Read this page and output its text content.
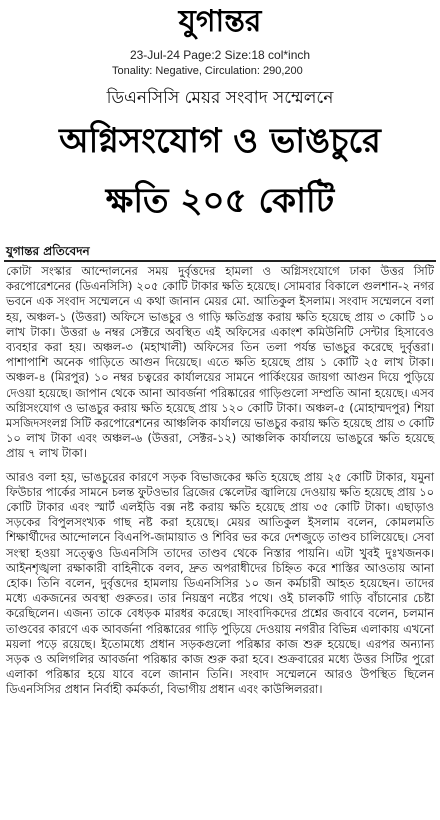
যুগান্তর
23-Jul-24 Page:2 Size:18 col*inch
Tonality: Negative, Circulation: 290,200
ডিএনসিসি মেয়র সংবাদ সম্মেলনে
অগ্নিসংযোগ ও ভাঙচুরে
ক্ষতি ২০৫ কোটি
যুগান্তর প্রতিবেদন

কোটা সংস্কার আন্দোলনের সময় দুর্বৃত্তদের হামলা ও অগ্নিসংযোগে ঢাকা উত্তর সিটি করপোরেশনের (ডিএনসিসি) ২০৫ কোটি টাকার ক্ষতি হয়েছে। সোমবার বিকালে গুলশান-২ নগর ভবনে এক সংবাদ সম্মেলনে এ কথা জানান মেয়র মো. আতিকুল ইসলাম। সংবাদ সম্মেলনে বলা হয়, অঞ্চল-১ (উত্তরা) অফিসে ভাঙচুর ও গাড়ি ক্ষতিগ্রস্ত করায় ক্ষতি হয়েছে প্রায় ৩ কোটি ১০ লাখ টাকা। উত্তরা ৬ নম্বর সেক্টরে অবস্থিত এই অফিসের একাংশ কমিউনিটি সেন্টার হিসাবেও ব্যবহার করা হয়। অঞ্চল-৩ (মহাখালী) অফিসের তিন তলা পর্যন্ত ভাঙচুর করেছে দুর্বৃত্তরা। পাশাপাশি অনেক গাড়িতে আগুন দিয়েছে। এতে ক্ষতি হয়েছে প্রায় ১ কোটি ২৫ লাখ টাকা। অঞ্চল-৪ (মিরপুর) ১০ নম্বর চত্বরের কার্যালয়ের সামনে পার্কিংয়ের জায়গা আগুন দিয়ে পুড়িয়ে দেওয়া হয়েছে। জাপান থেকে আনা আবর্জনা পরিষ্কারের গাড়িগুলো সম্প্রতি আনা হয়েছে। এসব অগ্নিসংযোগ ও ভাঙচুর করায় ক্ষতি হয়েছে প্রায় ১২০ কোটি টাকা। অঞ্চল-৫ (মোহাম্মদপুর) শিয়া মসজিদসংলগ্ন সিটি করপোরেশনের আঞ্চলিক কার্যালয়ে ভাঙচুর করায় ক্ষতি হয়েছে প্রায় ৩ কোটি ১০ লাখ টাকা এবং অঞ্চল-৬ (উত্তরা, সেক্টর-১২) আঞ্চলিক কার্যালয়ে ভাঙচুরে ক্ষতি হয়েছে প্রায় ৭ লাখ টাকা।

আরও বলা হয়, ভাঙচুরের কারণে সড়ক বিভাজকের ক্ষতি হয়েছে প্রায় ২৫ কোটি টাকার, যমুনা ফিউচার পার্কের সামনে চলন্ত ফুটওভার ব্রিজের স্কেলেটর জ্বালিয়ে দেওয়ায় ক্ষতি হয়েছে প্রায় ১০ কোটি টাকার এবং স্মার্ট এলইডি বক্স নষ্ট করায় ক্ষতি হয়েছে প্রায় ৩৫ কোটি টাকা। এছাড়াও সড়কের বিপুলসংখ্যক গাছ নষ্ট করা হয়েছে। মেয়র আতিকুল ইসলাম বলেন, কোমলমতি শিক্ষার্থীদের আন্দোলনে বিএনপি-জামায়াত ও শিবির ভর করে দেশজুড়ে তাণ্ডব চালিয়েছে। সেবা সংস্থা হওয়া সত্ত্বেও ডিএনসিসি তাদের তাণ্ডব থেকে নিস্তার পায়নি। এটা খুবই দুঃখজনক। আইনশৃঙ্খলা রক্ষাকারী বাহিনীকে বলব, দ্রুত অপরাধীদের চিহ্নিত করে শাস্তির আওতায় আনা হোক। তিনি বলেন, দুর্বৃত্তদের হামলায় ডিএনসিসির ১০ জন কর্মচারী আহত হয়েছেন। তাদের মধ্যে একজনের অবস্থা গুরুতর। তার নিয়ন্ত্রণ নষ্টের পথে। ওই চালকটি গাড়ি বাঁচানোর চেষ্টা করেছিলেন। এজন্য তাকে বেধড়ক মারধর করেছে। সাংবাদিকদের প্রশ্নের জবাবে বলেন, চলমান তাণ্ডবের কারণে এক আবর্জনা পরিষ্কারের গাড়ি পুড়িয়ে দেওয়ায় নগরীর বিভিন্ন এলাকায় এখনো ময়লা পড়ে রয়েছে। ইতোমধ্যে প্রধান সড়কগুলো পরিষ্কার কাজ শুরু হয়েছে। এরপর অন্যান্য সড়ক ও অলিগলির আবর্জনা পরিষ্কার কাজ শুরু করা হবে। শুক্রবারের মধ্যে উত্তর সিটির পুরো এলাকা পরিষ্কার হয়ে যাবে বলে জানান তিনি। সংবাদ সম্মেলনে আরও উপস্থিত ছিলেন ডিএনসিসির প্রধান নির্বাহী কর্মকর্তা, বিভাগীয় প্রধান এবং কাউন্সিলররা।
